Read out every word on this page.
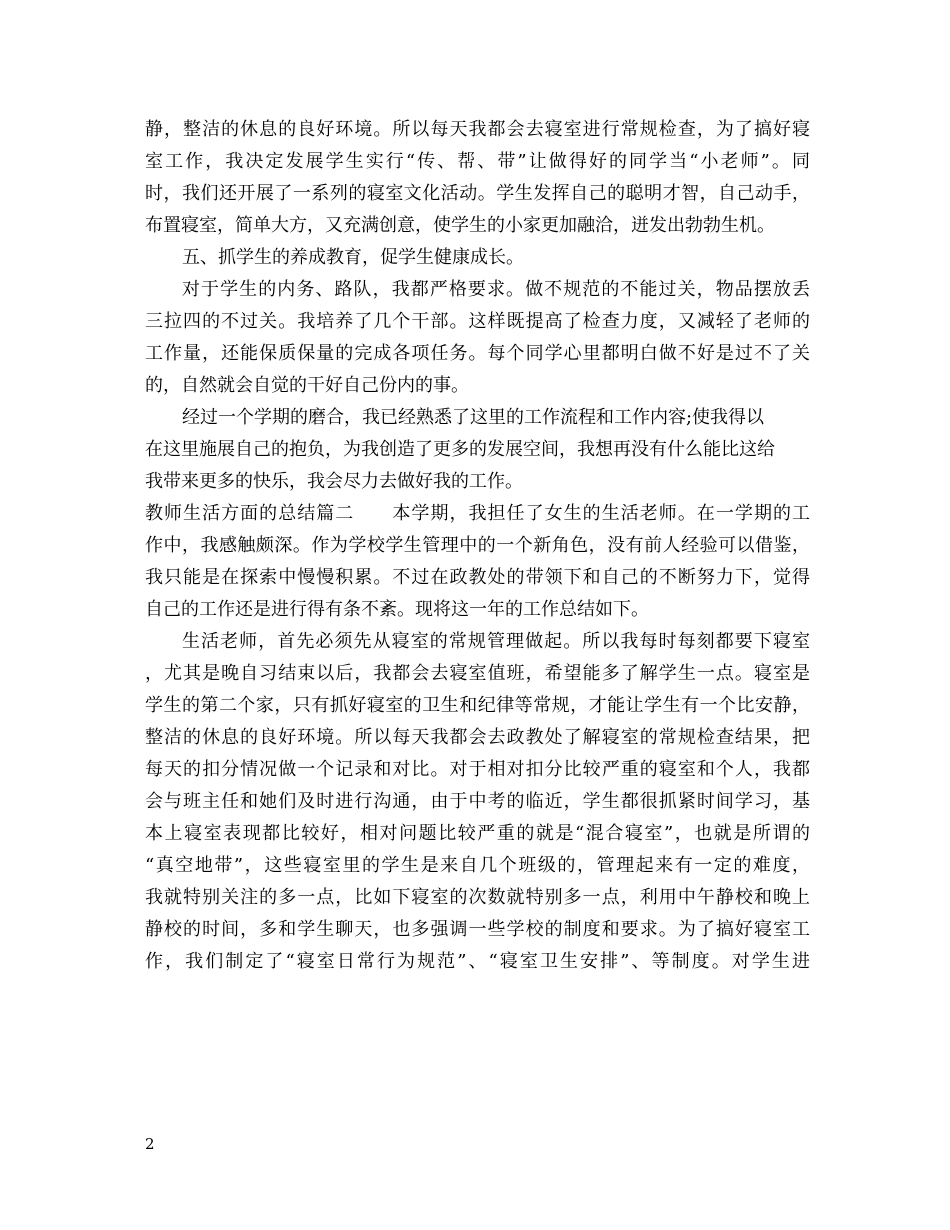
静，整洁的休息的良好环境。所以每天我都会去寝室进行常规检查，为了搞好寝
室工作，我决定发展学生实行“传、帮、带”让做得好的同学当“小老师”。同
时，我们还开展了一系列的寝室文化活动。学生发挥自己的聪明才智，自己动手，
布置寝室，简单大方，又充满创意，使学生的小家更加融洽，迸发出勃勃生机。
五、抓学生的养成教育，促学生健康成长。
对于学生的内务、路队，我都严格要求。做不规范的不能过关，物品摆放丢
三拉四的不过关。我培养了几个干部。这样既提高了检查力度，又减轻了老师的
工作量，还能保质保量的完成各项任务。每个同学心里都明白做不好是过不了关
的，自然就会自觉的干好自己份内的事。
经过一个学期的磨合，我已经熟悉了这里的工作流程和工作内容;使我得以
在这里施展自己的抱负，为我创造了更多的发展空间，我想再没有什么能比这给
我带来更多的快乐，我会尽力去做好我的工作。
教师生活方面的总结篇二　　本学期，我担任了女生的生活老师。在一学期的工
作中，我感触颇深。作为学校学生管理中的一个新角色，没有前人经验可以借鉴，
我只能是在探索中慢慢积累。不过在政教处的带领下和自己的不断努力下，觉得
自己的工作还是进行得有条不紊。现将这一年的工作总结如下。
生活老师，首先必须先从寝室的常规管理做起。所以我每时每刻都要下寝室
，尤其是晚自习结束以后，我都会去寝室值班，希望能多了解学生一点。寝室是
学生的第二个家，只有抓好寝室的卫生和纪律等常规，才能让学生有一个比安静，
整洁的休息的良好环境。所以每天我都会去政教处了解寝室的常规检查结果，把
每天的扣分情况做一个记录和对比。对于相对扣分比较严重的寝室和个人，我都
会与班主任和她们及时进行沟通，由于中考的临近，学生都很抓紧时间学习，基
本上寝室表现都比较好，相对问题比较严重的就是“混合寝室”，也就是所谓的
“真空地带”，这些寝室里的学生是来自几个班级的，管理起来有一定的难度，
我就特别关注的多一点，比如下寝室的次数就特别多一点，利用中午静校和晚上
静校的时间，多和学生聊天，也多强调一些学校的制度和要求。为了搞好寝室工
作，我们制定了“寝室日常行为规范”、“寝室卫生安排”、等制度。对学生进
2
